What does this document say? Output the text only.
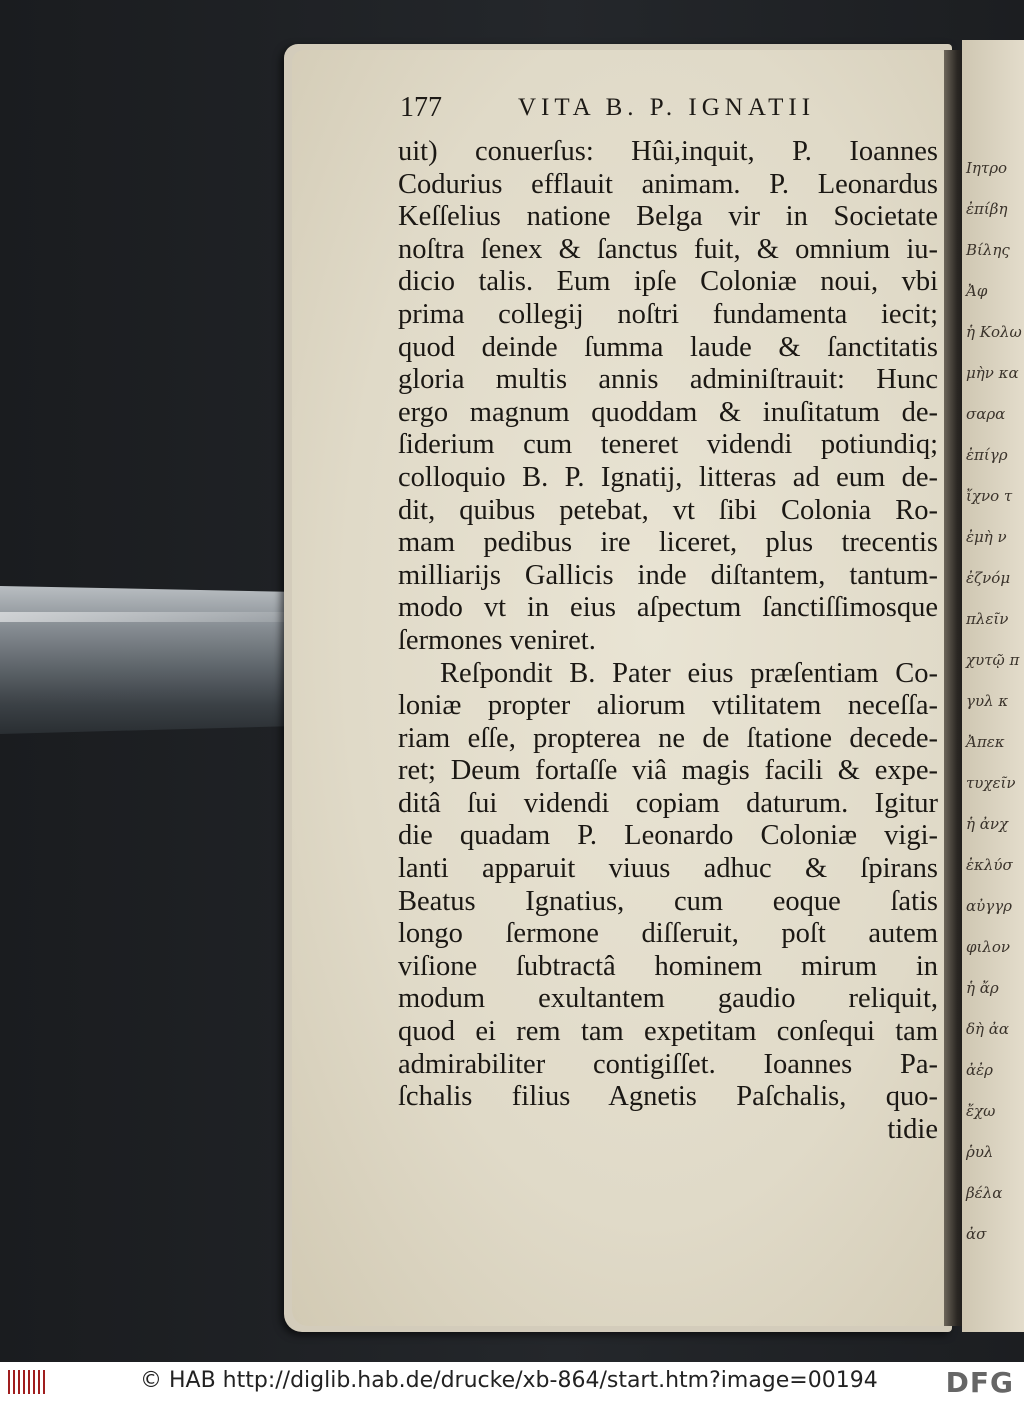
Ιητρο
ἐπίβη
Βίλης
Ἀφ
ἡ Κολω
μὴν κα
σαρα
ἐπίγρ
ἴχνο τ
ἐμὴ ν
ἐζνόμ
πλεῖν
χυτῷ π
γυλ κ
Ἀπεκ
τυχεῖν
ἡ ἀνχ
ἐκλύσ
αὐγγρ
φιλον
ἡ ἄρ
δὴ ἀα
ἀἐρ
ἔχω
ῥυλ
βέλα
ἀσ
177	VITA B. P. IGNATII
uit) conuerſus: Hûi,inquit, P. Ioannes
Codurius efflauit animam. P. Leonardus
Keſſelius natione Belga vir in Societate
noſtra ſenex & ſanctus fuit, & omnium iu-
dicio talis. Eum ipſe Coloniæ noui, vbi
prima collegij noſtri fundamenta iecit;
quod deinde ſumma laude & ſanctitatis
gloria multis annis adminiſtrauit: Hunc
ergo magnum quoddam & inuſitatum de-
ſiderium cum teneret videndi potiundiq;
colloquio B. P. Ignatij, litteras ad eum de-
dit, quibus petebat, vt ſibi Colonia Ro-
mam pedibus ire liceret, plus trecentis
milliarijs Gallicis inde diſtantem, tantum-
modo vt in eius aſpectum ſanctiſſimosque
ſermones veniret.
Reſpondit B. Pater eius præſentiam Co-
loniæ propter aliorum vtilitatem neceſſa-
riam eſſe, propterea ne de ſtatione decede-
ret; Deum fortaſſe viâ magis facili & expe-
ditâ ſui videndi copiam daturum. Igitur
die quadam P. Leonardo Coloniæ vigi-
lanti apparuit viuus adhuc & ſpirans
Beatus Ignatius, cum eoque ſatis
longo ſermone diſſeruit, poſt autem
viſione ſubtractâ hominem mirum in
modum exultantem gaudio reliquit,
quod ei rem tam expetitam conſequi tam
admirabiliter contigiſſet. Ioannes Pa-
ſchalis filius Agnetis Paſchalis, quo-
tidie
© HAB http://diglib.hab.de/drucke/xb-864/start.htm?image=00194 DFG
